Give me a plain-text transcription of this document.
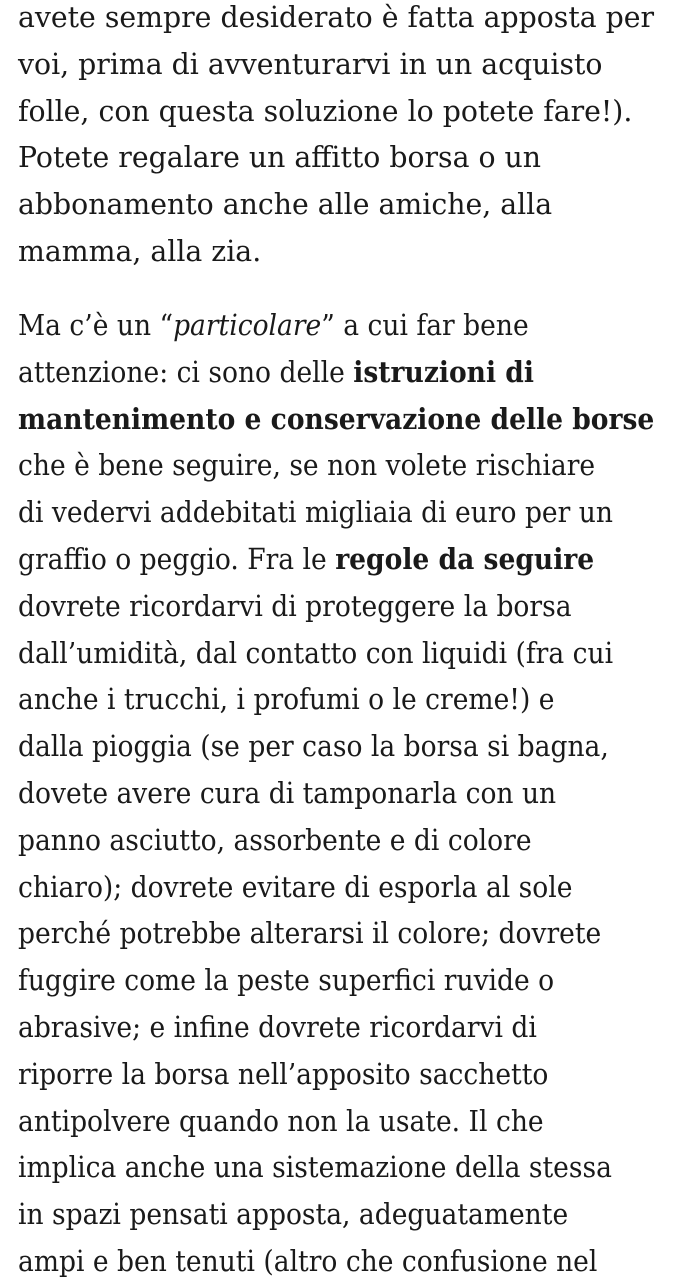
avete sempre desiderato è fatta apposta per
voi, prima di avventurarvi in un acquisto
folle, con questa soluzione lo potete fare!).
Potete regalare un affitto borsa o un
abbonamento anche alle amiche, alla
mamma, alla zia.

Ma c’è un “particolare” a cui far bene
attenzione: ci sono delle istruzioni di
mantenimento e conservazione delle borse
che è bene seguire, se non volete rischiare
di vedervi addebitati migliaia di euro per un
graffio o peggio. Fra le regole da seguire
dovrete ricordarvi di proteggere la borsa
dall’umidità, dal contatto con liquidi (fra cui
anche i trucchi, i profumi o le creme!) e
dalla pioggia (se per caso la borsa si bagna,
dovete avere cura di tamponarla con un
panno asciutto, assorbente e di colore
chiaro); dovrete evitare di esporla al sole
perché potrebbe alterarsi il colore; dovrete
fuggire come la peste superfici ruvide o
abrasive; e infine dovrete ricordarvi di
riporre la borsa nell’apposito sacchetto
antipolvere quando non la usate. Il che
implica anche una sistemazione della stessa
in spazi pensati apposta, adeguatamente
ampi e ben tenuti (altro che confusione nel
